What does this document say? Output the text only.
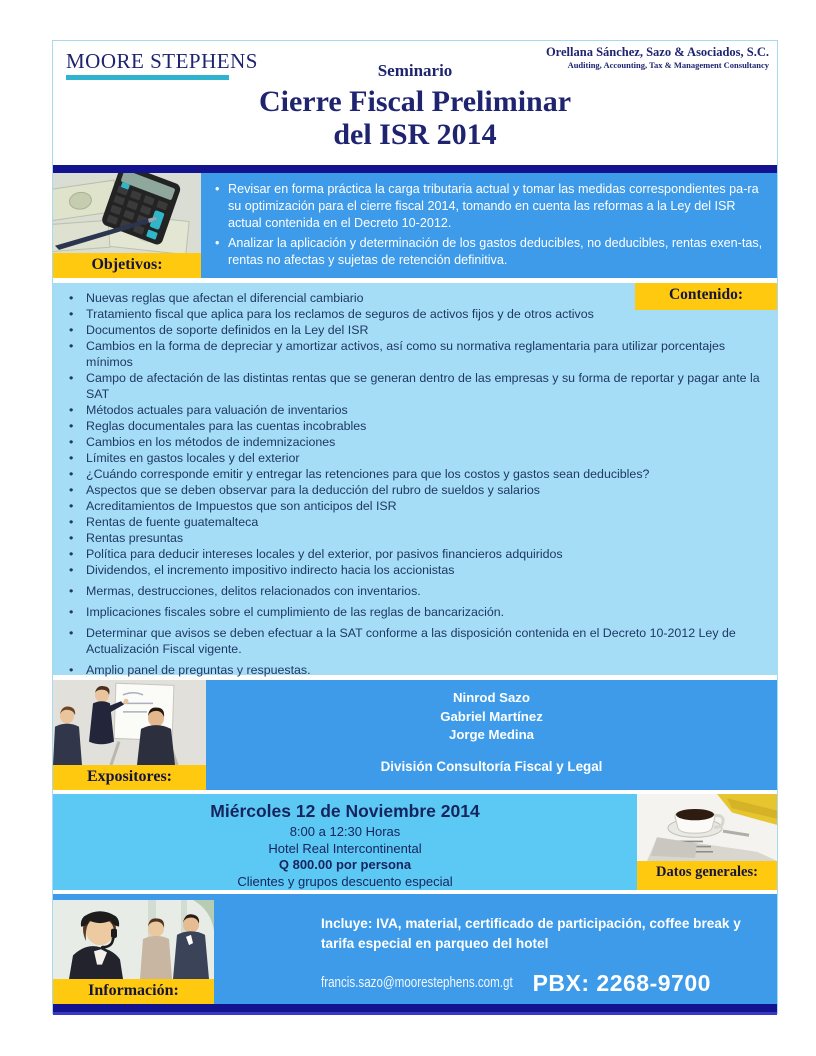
MOORE STEPHENS	Orellana Sánchez, Sazo & Asociados, S.C.
Auditing, Accounting, Tax & Management Consultancy
Seminario
Cierre Fiscal Preliminar
del ISR 2014
Objetivos:
• Revisar en forma práctica la carga tributaria actual y tomar las medidas correspondientes pa-ra su optimización para el cierre fiscal 2014, tomando en cuenta las reformas a la Ley del ISR actual contenida en el Decreto 10-2012.
• Analizar la aplicación y determinación de los gastos deducibles, no deducibles, rentas exen-tas, rentas no afectas y sujetas de retención definitiva.
Contenido:
• Nuevas reglas que afectan el diferencial cambiario
• Tratamiento fiscal que aplica para los reclamos de seguros de activos fijos y de otros activos
• Documentos de soporte definidos en la Ley del ISR
• Cambios en la forma de depreciar y amortizar activos, así como su normativa reglamentaria para utilizar porcentajes mínimos
• Campo de afectación de las distintas rentas que se generan dentro de las empresas y su forma de reportar y pagar ante la SAT
• Métodos actuales para valuación de inventarios
• Reglas documentales para las cuentas incobrables
• Cambios en los métodos de indemnizaciones
• Límites en gastos locales y del exterior
• ¿Cuándo corresponde emitir y entregar las retenciones para que los costos y gastos sean deducibles?
• Aspectos que se deben observar para la deducción del rubro de sueldos y salarios
• Acreditamientos de Impuestos que son anticipos del ISR
• Rentas de fuente guatemalteca
• Rentas presuntas
• Política para deducir intereses locales y del exterior, por pasivos financieros adquiridos
• Dividendos, el incremento impositivo indirecto hacia los accionistas
• Mermas, destrucciones, delitos relacionados con inventarios.
• Implicaciones fiscales sobre el cumplimiento de las reglas de bancarización.
• Determinar que avisos se deben efectuar a la SAT conforme a las disposición contenida en el Decreto 10-2012 Ley de Actualización Fiscal vigente.
• Amplio panel de preguntas y respuestas.
Expositores:
Ninrod Sazo
Gabriel Martínez
Jorge Medina
División Consultoría Fiscal y Legal
Miércoles 12 de Noviembre 2014
8:00 a 12:30 Horas
Hotel Real Intercontinental
Q 800.00 por persona
Clientes y grupos descuento especial
Datos generales:
Información:
Incluye: IVA, material, certificado de participación, coffee break y tarifa especial en parqueo del hotel
francis.sazo@moorestephens.com.gt PBX: 2268-9700
